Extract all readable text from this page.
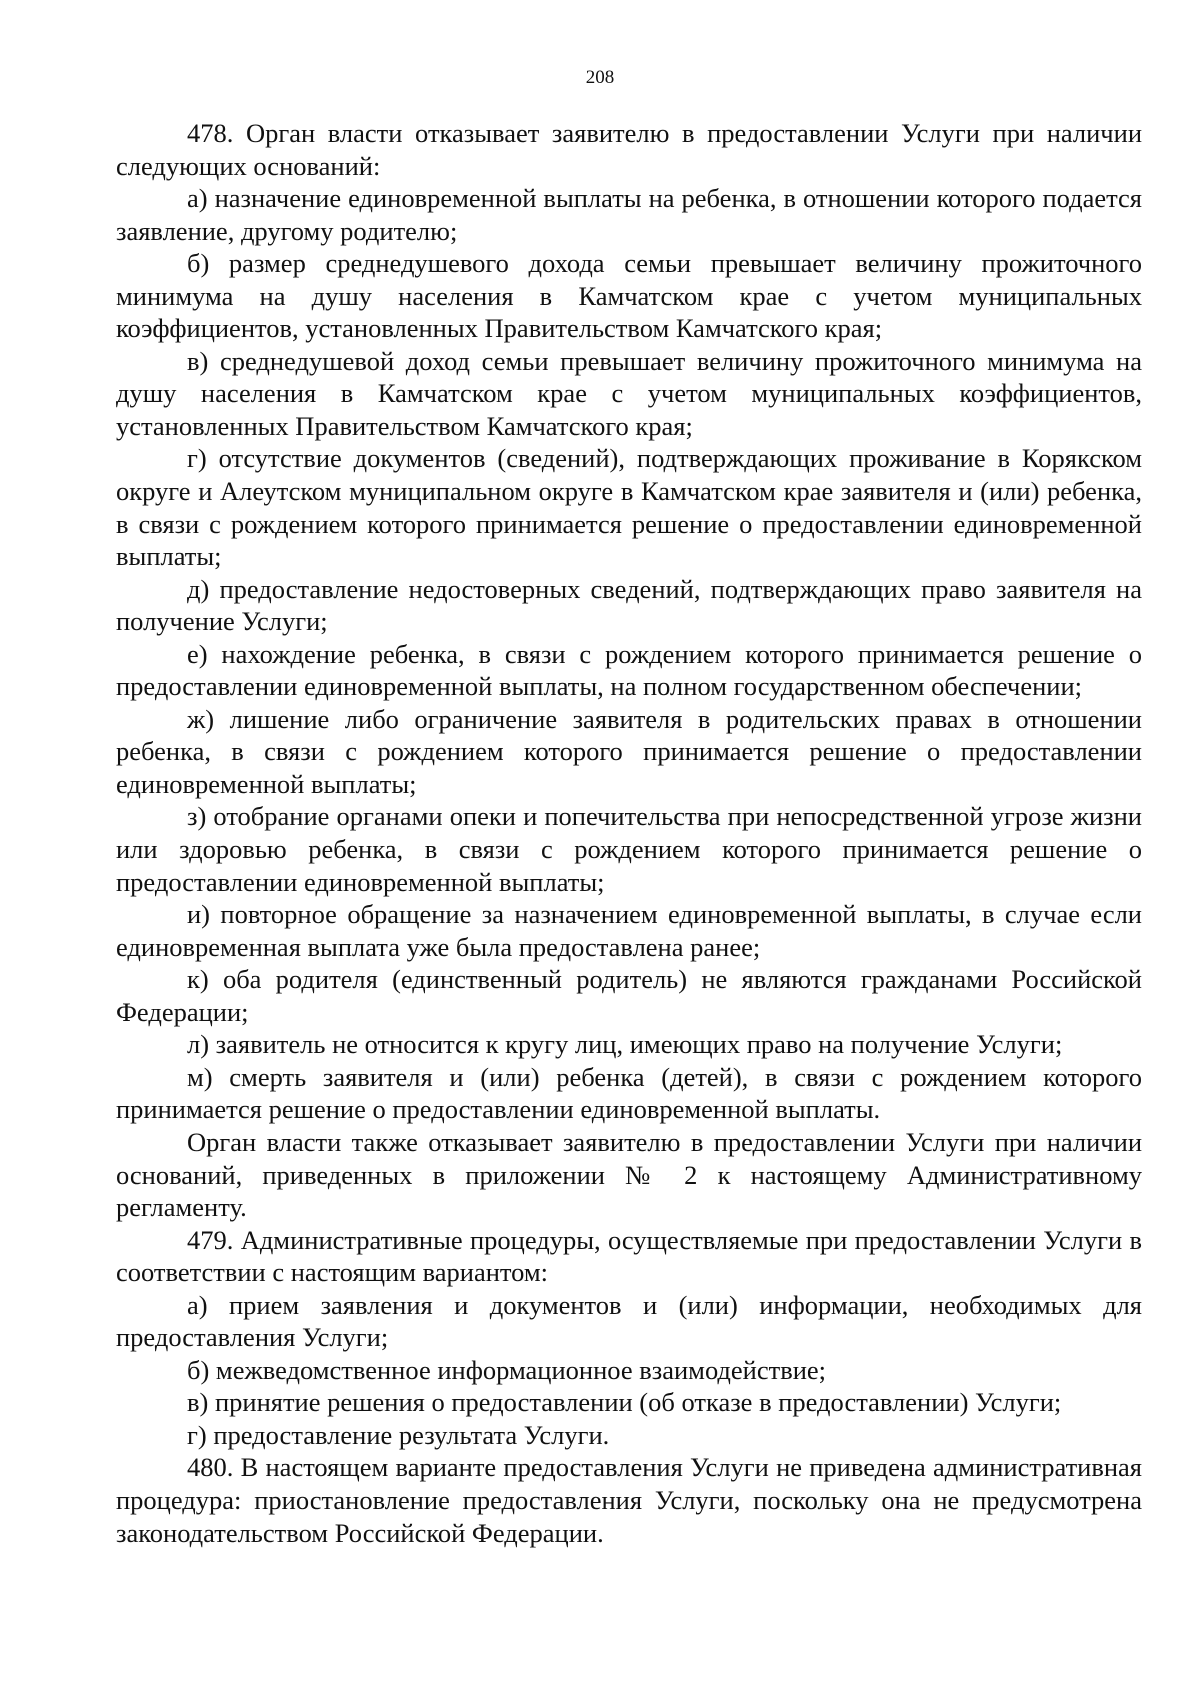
208

478. Орган власти отказывает заявителю в предоставлении Услуги при наличии следующих оснований:

а) назначение единовременной выплаты на ребенка, в отношении которого подается заявление, другому родителю;

б) размер среднедушевого дохода семьи превышает величину прожиточного минимума на душу населения в Камчатском крае с учетом муниципальных коэффициентов, установленных Правительством Камчатского края;

в) среднедушевой доход семьи превышает величину прожиточного минимума на душу населения в Камчатском крае с учетом муниципальных коэффициентов, установленных Правительством Камчатского края;

г) отсутствие документов (сведений), подтверждающих проживание в Корякском округе и Алеутском муниципальном округе в Камчатском крае заявителя и (или) ребенка, в связи с рождением которого принимается решение о предоставлении единовременной выплаты;

д) предоставление недостоверных сведений, подтверждающих право заявителя на получение Услуги;

е) нахождение ребенка, в связи с рождением которого принимается решение о предоставлении единовременной выплаты, на полном государственном обеспечении;

ж) лишение либо ограничение заявителя в родительских правах в отношении ребенка, в связи с рождением которого принимается решение о предоставлении единовременной выплаты;

з) отобрание органами опеки и попечительства при непосредственной угрозе жизни или здоровью ребенка, в связи с рождением которого принимается решение о предоставлении единовременной выплаты;

и) повторное обращение за назначением единовременной выплаты, в случае если единовременная выплата уже была предоставлена ранее;

к) оба родителя (единственный родитель) не являются гражданами Российской Федерации;

л) заявитель не относится к кругу лиц, имеющих право на получение Услуги;

м) смерть заявителя и (или) ребенка (детей), в связи с рождением которого принимается решение о предоставлении единовременной выплаты.

Орган власти также отказывает заявителю в предоставлении Услуги при наличии оснований, приведенных в приложении № 2 к настоящему Административному регламенту.

479. Административные процедуры, осуществляемые при предоставлении Услуги в соответствии с настоящим вариантом:

а) прием заявления и документов и (или) информации, необходимых для предоставления Услуги;

б) межведомственное информационное взаимодействие;

в) принятие решения о предоставлении (об отказе в предоставлении) Услуги;

г) предоставление результата Услуги.

480. В настоящем варианте предоставления Услуги не приведена административная процедура: приостановление предоставления Услуги, поскольку она не предусмотрена законодательством Российской Федерации.
